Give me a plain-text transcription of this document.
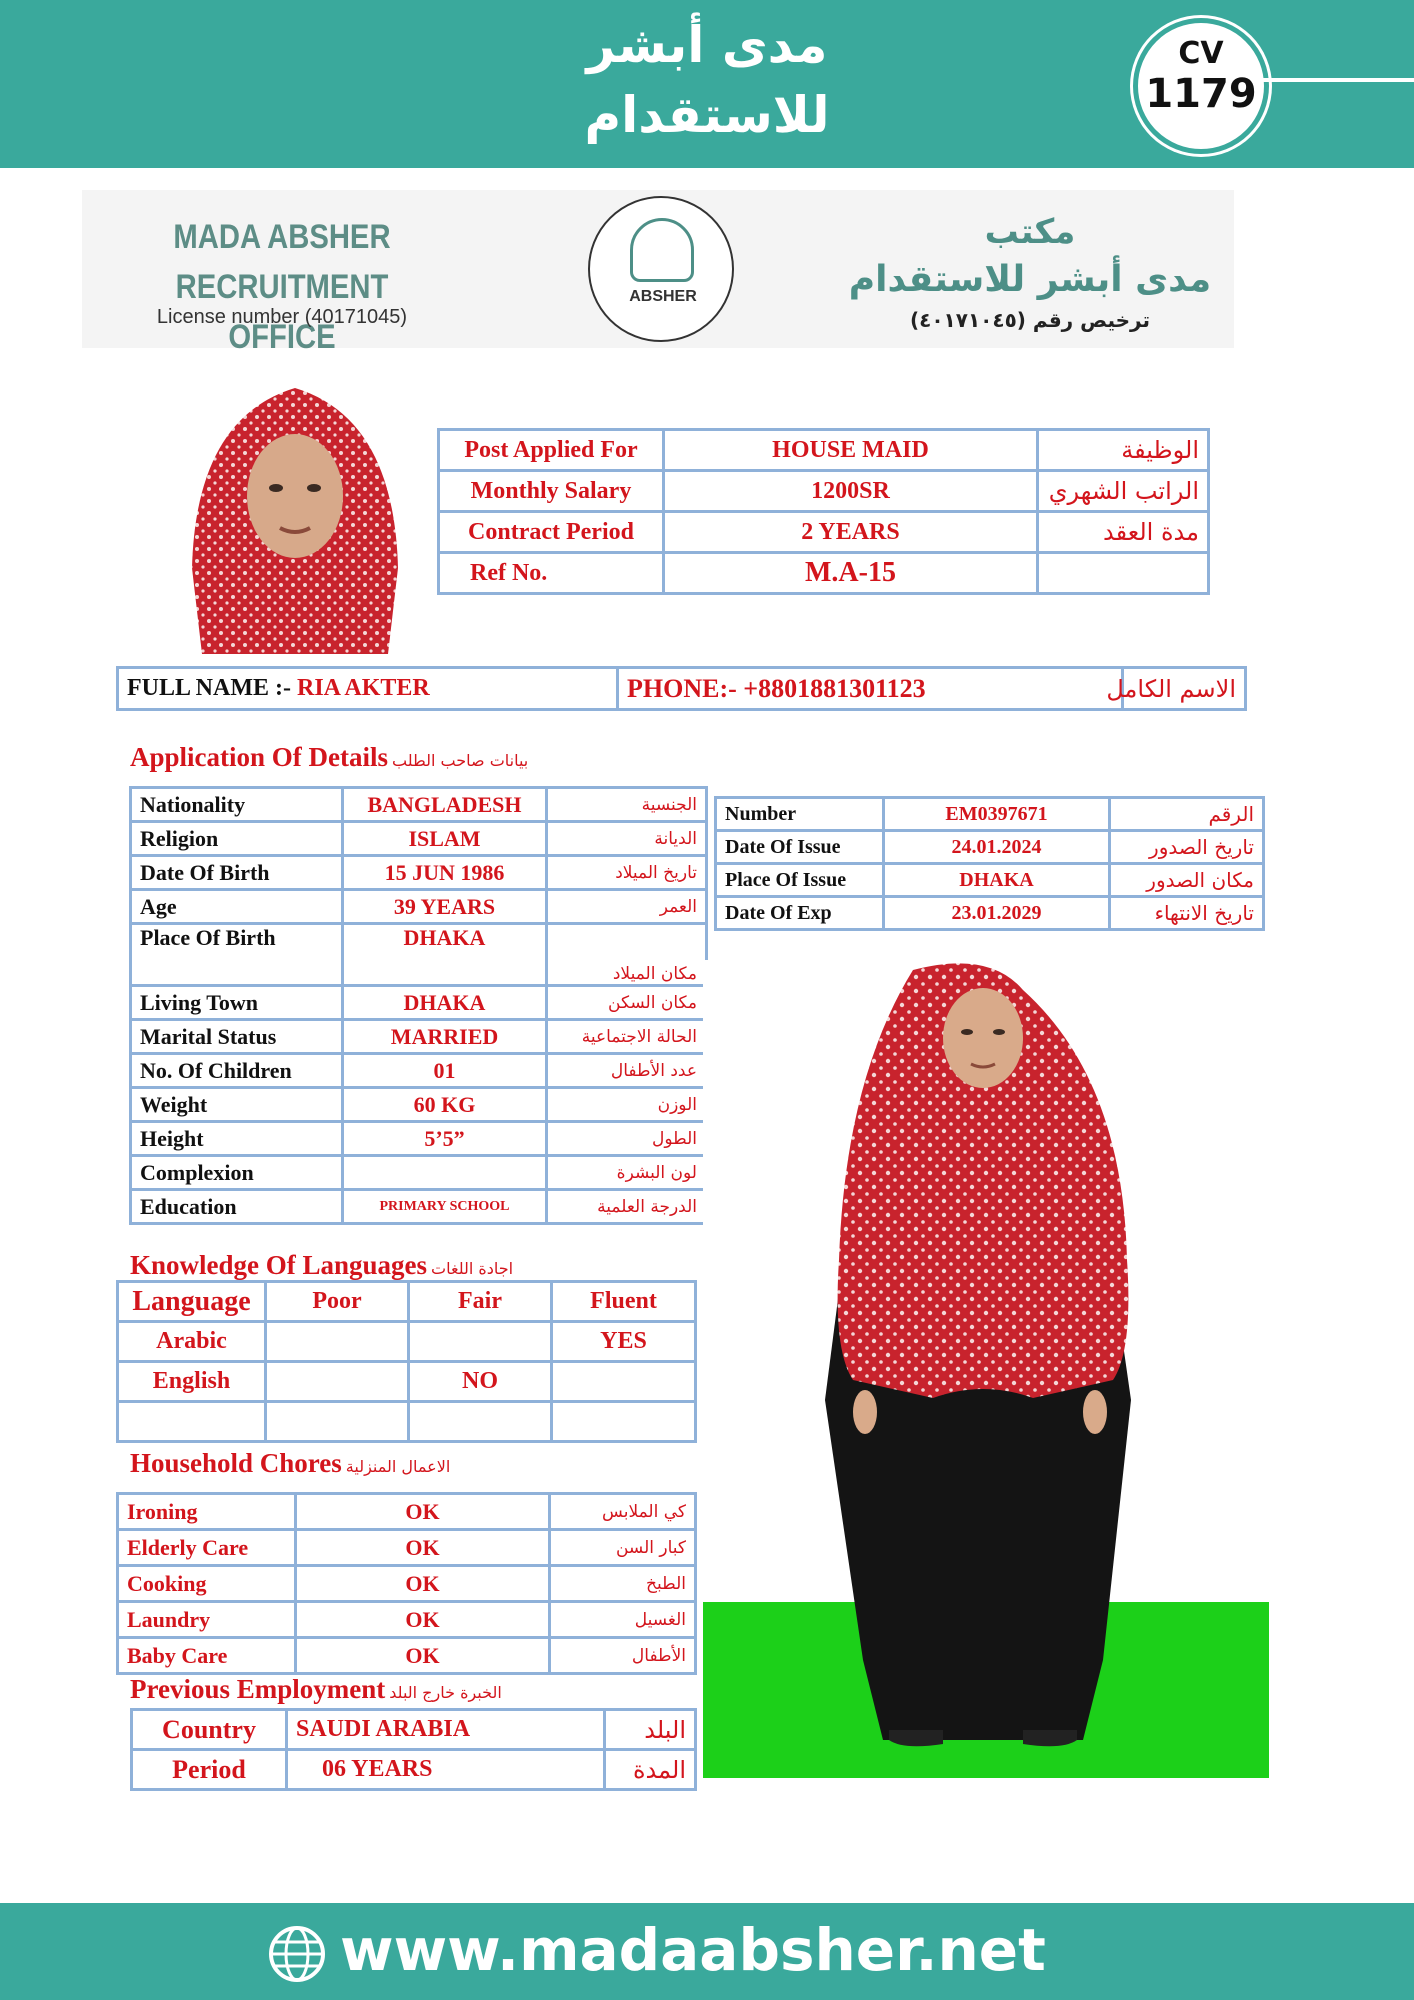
مدى أبشر
للاستقدام
CV
1179
MADA ABSHER RECRUITMENT
OFFICE
License number (40171045)
ABSHER
مكتب
مدى أبشر للاستقدام
ترخيص رقم (٤٠١٧١٠٤٥)
Post Applied For	HOUSE MAID	الوظيفة
Monthly Salary	1200SR	الراتب الشهري
Contract Period	2 YEARS	مدة العقد
Ref No.	M.A-15	
FULL NAME :- RIA AKTER	PHONE:- +8801881301123	الاسم الكامل
Application Of Details بيانات صاحب الطلب
Nationality	BANGLADESH	الجنسية
Religion	ISLAM	الديانة
Date Of Birth	15 JUN 1986	تاريخ الميلاد
Age	39 YEARS	العمر
Place Of Birth	DHAKA	مكان الميلاد
Living Town	DHAKA	مكان السكن
Marital Status	MARRIED	الحالة الاجتماعية
No. Of Children	01	عدد الأطفال
Weight	60 KG	الوزن
Height	5’5”	الطول
Complexion		لون البشرة
Education	PRIMARY SCHOOL	الدرجة العلمية
Number	EM0397671	الرقم
Date Of Issue	24.01.2024	تاريخ الصدور
Place Of Issue	DHAKA	مكان الصدور
Date Of Exp	23.01.2029	تاريخ الانتهاء
Knowledge Of Languages اجادة اللغات
Language	Poor	Fair	Fluent
Arabic			YES
English		NO	

Household Chores الاعمال المنزلية
Ironing	OK	كي الملابس
Elderly Care	OK	كبار السن
Cooking	OK	الطبخ
Laundry	OK	الغسيل
Baby Care	OK	الأطفال
Previous Employment الخبرة خارج البلد
Country	SAUDI ARABIA	البلد
Period	06 YEARS	المدة
www.madaabsher.net
